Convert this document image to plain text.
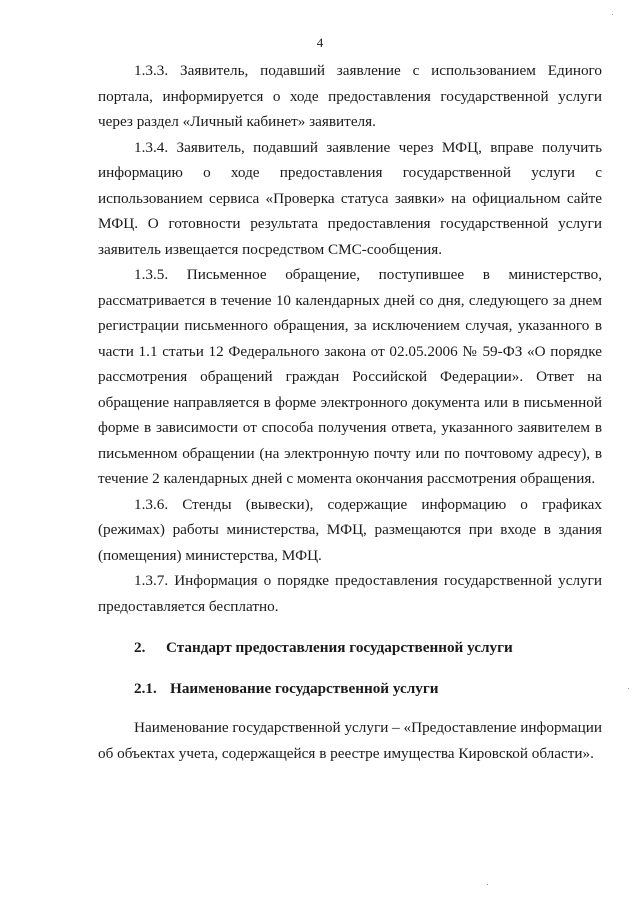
4

1.3.3. Заявитель, подавший заявление с использованием Единого портала, информируется о ходе предоставления государственной услуги через раздел «Личный кабинет» заявителя.

1.3.4. Заявитель, подавший заявление через МФЦ, вправе получить информацию о ходе предоставления государственной услуги с использованием сервиса «Проверка статуса заявки» на официальном сайте МФЦ. О готовности результата предоставления государственной услуги заявитель извещается посредством СМС-сообщения.

1.3.5. Письменное обращение, поступившее в министерство, рассматривается в течение 10 календарных дней со дня, следующего за днем регистрации письменного обращения, за исключением случая, указанного в части 1.1 статьи 12 Федерального закона от 02.05.2006 № 59-ФЗ «О порядке рассмотрения обращений граждан Российской Федерации». Ответ на обращение направляется в форме электронного документа или в письменной форме в зависимости от способа получения ответа, указанного заявителем в письменном обращении (на электронную почту или по почтовому адресу), в течение 2 календарных дней с момента окончания рассмотрения обращения.

1.3.6. Стенды (вывески), содержащие информацию о графиках (режимах) работы министерства, МФЦ, размещаются при входе в здания (помещения) министерства, МФЦ.

1.3.7. Информация о порядке предоставления государственной услуги предоставляется бесплатно.

2. Стандарт предоставления государственной услуги

2.1. Наименование государственной услуги

Наименование государственной услуги – «Предоставление информации об объектах учета, содержащейся в реестре имущества Кировской области».
